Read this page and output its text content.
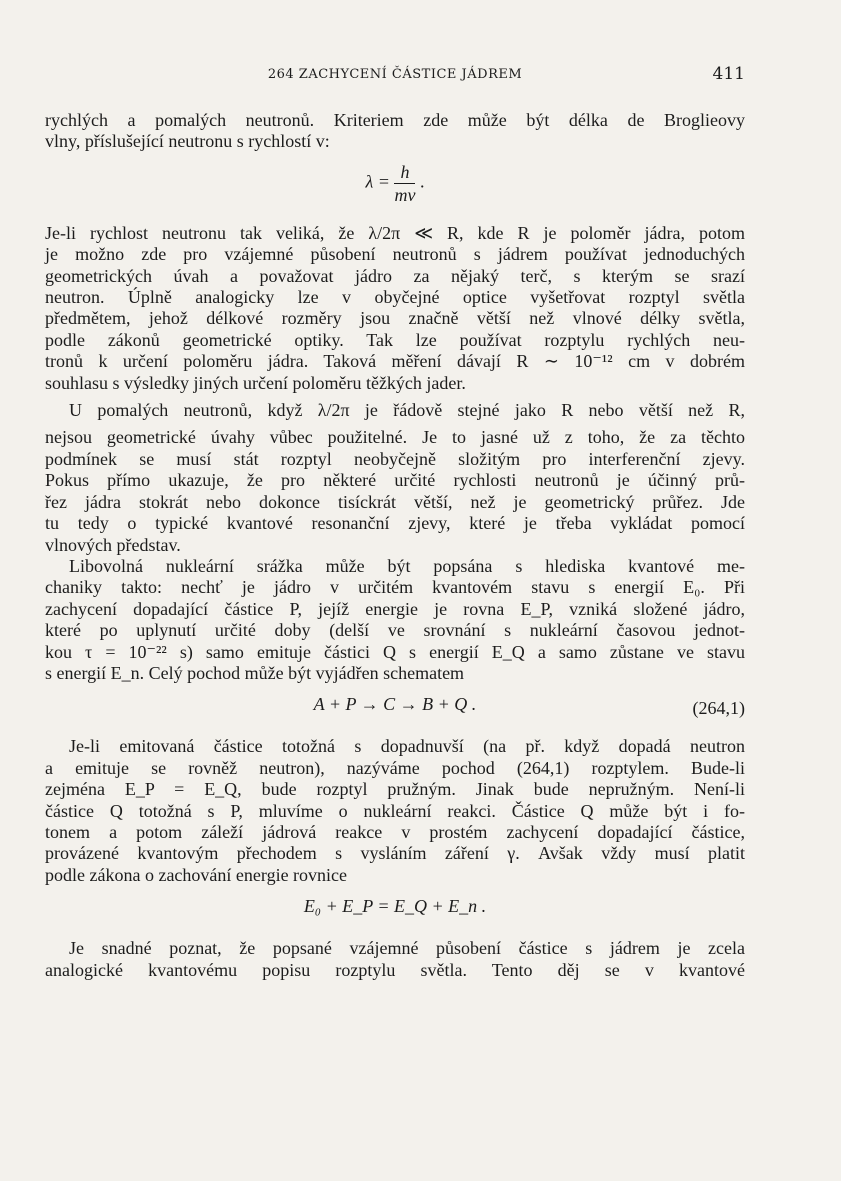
264 ZACHYCENÍ ČÁSTICE JÁDREM	411
rychlých a pomalých neutronů. Kriteriem zde může být délka de Broglieovy
vlny, příslušející neutronu s rychlostí v:
$\lambda = \frac{h}{mv}$ .
Je-li rychlost neutronu tak veliká, že λ/2π ≪ R, kde R je poloměr jádra, potom
je možno zde pro vzájemné působení neutronů s jádrem používat jednoduchých
geometrických úvah a považovat jádro za nějaký terč, s kterým se srazí
neutron. Úplně analogicky lze v obyčejné optice vyšetřovat rozptyl světla
předmětem, jehož délkové rozměry jsou značně větší než vlnové délky světla,
podle zákonů geometrické optiky. Tak lze používat rozptylu rychlých neu-
tronů k určení poloměru jádra. Taková měření dávají R ∼ 10⁻¹² cm v dobrém
souhlasu s výsledky jiných určení poloměru těžkých jader.
U pomalých neutronů, když λ/2π je řádově stejné jako R nebo větší než R,
nejsou geometrické úvahy vůbec použitelné. Je to jasné už z toho, že za těchto
podmínek se musí stát rozptyl neobyčejně složitým pro interferenční zjevy.
Pokus přímo ukazuje, že pro některé určité rychlosti neutronů je účinný prů-
řez jádra stokrát nebo dokonce tisíckrát větší, než je geometrický průřez. Jde
tu tedy o typické kvantové resonanční zjevy, které je třeba vykládat pomocí
vlnových představ.
Libovolná nukleární srážka může být popsána s hlediska kvantové me-
chaniky takto: nechť je jádro v určitém kvantovém stavu s energií E₀. Při
zachycení dopadající částice P, jejíž energie je rovna E_P, vzniká složené jádro,
které po uplynutí určité doby (delší ve srovnání s nukleární časovou jednot-
kou τ = 10⁻²² s) samo emituje částici Q s energií E_Q a samo zůstane ve stavu
s energií E_n. Celý pochod může být vyjádřen schematem
A + P → C → B + Q .	(264,1)
Je-li emitovaná částice totožná s dopadnuvší (na př. když dopadá neutron
a emituje se rovněž neutron), nazýváme pochod (264,1) rozptylem. Bude-li
zejména E_P = E_Q, bude rozptyl pružným. Jinak bude nepružným. Není-li
částice Q totožná s P, mluvíme o nukleární reakci. Částice Q může být i fo-
tonem a potom záleží jádrová reakce v prostém zachycení dopadající částice,
provázené kvantovým přechodem s vysláním záření γ. Avšak vždy musí platit
podle zákona o zachování energie rovnice
E₀ + E_P = E_Q + E_n .
Je snadné poznat, že popsané vzájemné působení částice s jádrem je zcela
analogické kvantovému popisu rozptylu světla. Tento děj se v kvantové
